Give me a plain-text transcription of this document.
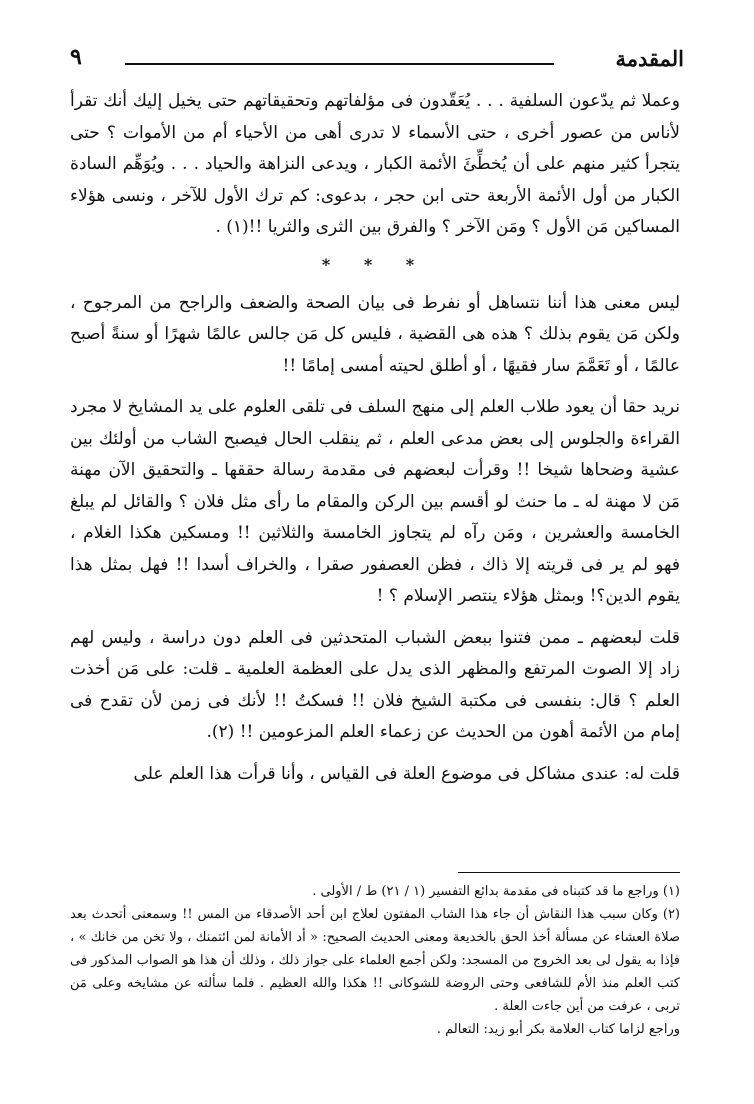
المقدمة
٩

وعملا ثم يدّعون السلفية . . . يُعَقّدون فى مؤلفاتهم وتحقيقاتهم حتى يخيل إليك أنك تقرأ لأناس من عصور أخرى ، حتى الأسماء لا تدرى أهى من الأحياء أم من الأموات ؟ حتى يتجرأ كثير منهم على أن يُخطِّئَ الأئمة الكبار ، ويدعى النزاهة والحياد . . . ويُوَهِّم السادة الكبار من أول الأئمة الأربعة حتى ابن حجر ، بدعوى: كم ترك الأول للآخر ، ونسى هؤلاء المساكين مَن الأول ؟ ومَن الآخر ؟ والفرق بين الثرى والثريا !!(١) .

* * *

ليس معنى هذا أننا نتساهل أو نفرط فى بيان الصحة والضعف والراجح من المرجوح ، ولكن مَن يقوم بذلك ؟ هذه هى القضية ، فليس كل مَن جالس عالمًا شهرًا أو سنةً أصبح عالمًا ، أو تَعَمَّمَ سار فقيهًا ، أو أطلق لحيته أمسى إمامًا !!

نريد حقا أن يعود طلاب العلم إلى منهج السلف فى تلقى العلوم على يد المشايخ لا مجرد القراءة والجلوس إلى بعض مدعى العلم ، ثم ينقلب الحال فيصبح الشاب من أولئك بين عشية وضحاها شيخا !! وقرأت لبعضهم فى مقدمة رسالة حققها ـ والتحقيق الآن مهنة مَن لا مهنة له ـ ما حنث لو أقسم بين الركن والمقام ما رأى مثل فلان ؟ والقائل لم يبلغ الخامسة والعشرين ، ومَن رآه لم يتجاوز الخامسة والثلاثين !! ومسكين هكذا الغلام ، فهو لم ير فى قريته إلا ذاك ، فظن العصفور صقرا ، والخراف أسدا !! فهل بمثل هذا يقوم الدين؟! وبمثل هؤلاء ينتصر الإسلام ؟ !

قلت لبعضهم ـ ممن فتنوا ببعض الشباب المتحدثين فى العلم دون دراسة ، وليس لهم زاد إلا الصوت المرتفع والمظهر الذى يدل على العظمة العلمية ـ قلت: على مَن أخذت العلم ؟ قال: بنفسى فى مكتبة الشيخ فلان !! فسكتُ !! لأنك فى زمن لأن تقدح فى إمام من الأئمة أهون من الحديث عن زعماء العلم المزعومين !! (٢).

قلت له: عندى مشاكل فى موضوع العلة فى القياس ، وأنا قرأت هذا العلم على

(١) وراجع ما قد كتبناه فى مقدمة بدائع التفسير (١ / ٢١) ط / الأولى .

(٢) وكان سبب هذا النقاش أن جاء هذا الشاب المفتون لعلاج ابن أحد الأصدقاء من المس !! وسمعنى أتحدث بعد صلاة العشاء عن مسألة أخذ الحق بالخديعة ومعنى الحديث الصحيح: « أد الأمانة لمن ائتمنك ، ولا تخن من خانك » ، فإذا به يقول لى بعد الخروج من المسجد: ولكن أجمع العلماء على جواز ذلك ، وذلك أن هذا هو الصواب المذكور فى كتب العلم منذ الأم للشافعى وحتى الروضة للشوكانى !! هكذا والله العظيم . فلما سألته عن مشايخه وعلى مَن تربى ، عرفت من أين جاءت العلة .

وراجع لزاما كتاب العلامة بكر أبو زيد: التعالم .
